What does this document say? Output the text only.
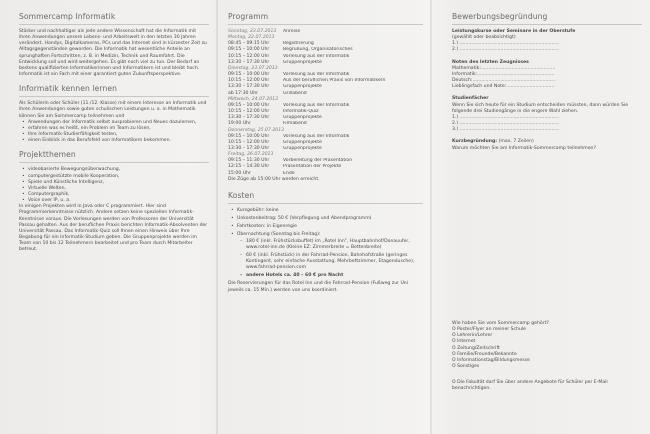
Sommercamp Informatik

Stärker und nachhaltiger als jede andere Wissenschaft hat die Informatik mit ihren Anwendungen unsere Lebens- und Arbeitswelt in den letzten 30 Jahren verändert. Handys, Digitalkameras, PCs und das Internet sind in kürzester Zeit zu Alltagsgegenständen geworden. Die Informatik hat wesentliche Anteile an sprunghaften Fortschritten, z. B. in Medizin, Technik und Raumfahrt. Die Entwicklung soll und wird weitergehen. Es gibt noch viel zu tun. Der Bedarf an bestens qualifizierten Informatikerinnen und Informatikern ist und bleibt hoch. Informatik ist ein Fach mit einer garantiert guten Zukunftsperspektive.

Informatik kennen lernen

Als Schülerin oder Schüler (11./12. Klasse) mit einem Interesse an Informatik und ihren Anwendungen sowie guten schulischen Leistungen u. a. in Mathematik können Sie am Sommercamp teilnehmen und

• Anwendungen der Informatik selbst ausprobieren und Neues dazulernen,
• erfahren was es heißt, ein Problem im Team zu lösen,
• Ihre Informatik-Studierfähigkeit testen,
• einen Einblick in das Berufsfeld von Informatikern bekommen.
Projektthemen
• videobasierte Bewegungsüberwachung,
• computergestützte mobile Kooperation,
• Spiele und Künstliche Intelligenz,
• Virtuelle Welten,
• Computergraphik,
• Voice over IP, u. a.

In einigen Projekten wird in Java oder C programmiert. Hier sind Programmierkenntnisse nützlich. Andere setzen keine speziellen Informatik-Kenntnisse voraus. Die Vorlesungen werden von Professoren der Universität Passau gehalten. Aus der beruflichen Praxis berichten Informatik-Absolventen der Universität Passau. Das Informatik-Quiz soll Ihnen einen Hinweis über Ihre Begabung für ein Informatik-Studium geben. Die Gruppenprojekte werden im Team von 10 bis 12 Teilnehmern bearbeitet und pro Team durch Mitarbeiter betreut.

Programm
Sonntag, 23.07.2013	Anreise
Montag, 22.07.2013
08:45 – 09:15 Uhr	Registrierung
09:15 – 10:00 Uhr	Begrüßung, Organisatorisches
10:15 – 12:00 Uhr	Vorlesung aus der Informatik
13:30 – 17:30 Uhr	Gruppenprojekte
Dienstag, 23.07.2013
09:15 – 10:00 Uhr	Vorlesung aus der Informatik
10:15 – 12:00 Uhr	Aus der beruflichen Praxis von Informatikern
13:30 – 17:30 Uhr	Gruppenprojekte
ab 17:30 Uhr	Grillabend
Mittwoch, 24.07.2013
09:15 – 10:00 Uhr	Vorlesung aus der Informatik
10:15 – 12:00 Uhr	Informatik-Quiz
13:30 – 17:30 Uhr	Gruppenprojekte
19:00 Uhr	Filmabend
Donnerstag, 25.07.2013
09:15 – 10:00 Uhr	Vorlesung aus der Informatik
10:15 – 12:00 Uhr	Gruppenprojekte
13:30 – 17:30 Uhr	Gruppenprojekte
Freitag, 26.07.2013
09:15 – 11:30 Uhr	Vorbereitung der Präsentation
12:15 – 14:30 Uhr	Präsentation der Projekte
15:00 Uhr	Ende

Die Züge ab 15:00 Uhr werden erreicht.

Kosten
• Kursgebühr: keine
• Unkostenbeitrag: 50 € (Verpflegung und Abendprogramm)
• Fahrtkosten: in Eigenregie
• Übernachtung (Sonntag bis Freitag):
– 180 € (inkl. Frühstücksbuffet) im „Rotel Inn“, Hauptbahnhof/Donauufer, www.rotel-inn.de (Kleine EZ: Zimmerbreite = Bettenbreite)
– 60 € (inkl. Frühstück) in der Fahrrad-Pension, Bahnhofstraße (geringes Kontingent, sehr einfache Ausstattung, Mehrbettzimmer, Etagendusche), www.fahrrad-pension.com
– andere Hotels ca. 40 – 60 € pro Nacht

Die Reservierungen für das Rotel Inn und die Fahrrad-Pension (Fußweg zur Uni jeweils ca. 15 Min.) werden von uns koordiniert.

Bewerbungsbegründung

Leistungskurse oder Seminare in der Oberstufe

(gewählt oder beabsichtigt)

1.) ....................................................................

2.) ....................................................................

Noten des letzten Zeugnisses

Mathematik:...................................................

Informatik:.....................................................

Deutsch:.........................................................

Lieblingsfach und Note:.................................

Studienfächer

Wenn Sie sich heute für ein Studium entscheiden müssten, dann würden Sie folgende drei Studiengänge in die engere Wahl ziehen.

1.) ....................................................................

2.) ....................................................................

3.) ....................................................................

Kurzbegründung: (max. 7 Zeilen)

Warum möchten Sie am Informatik-Sommercamp teilnehmen?

Wie haben Sie vom Sommercamp gehört?

O Poster/Flyer an meiner Schule

O Lehrerin/Lehrer

O Internet

O Zeitung/Zeitschrift

O Familie/Freunde/Bekannte

O Informationstag/Bildungsmesse

O Sonstiges

O Die Fakultät darf Sie über andere Angebote für Schüler per E-Mail benachrichtigen.
